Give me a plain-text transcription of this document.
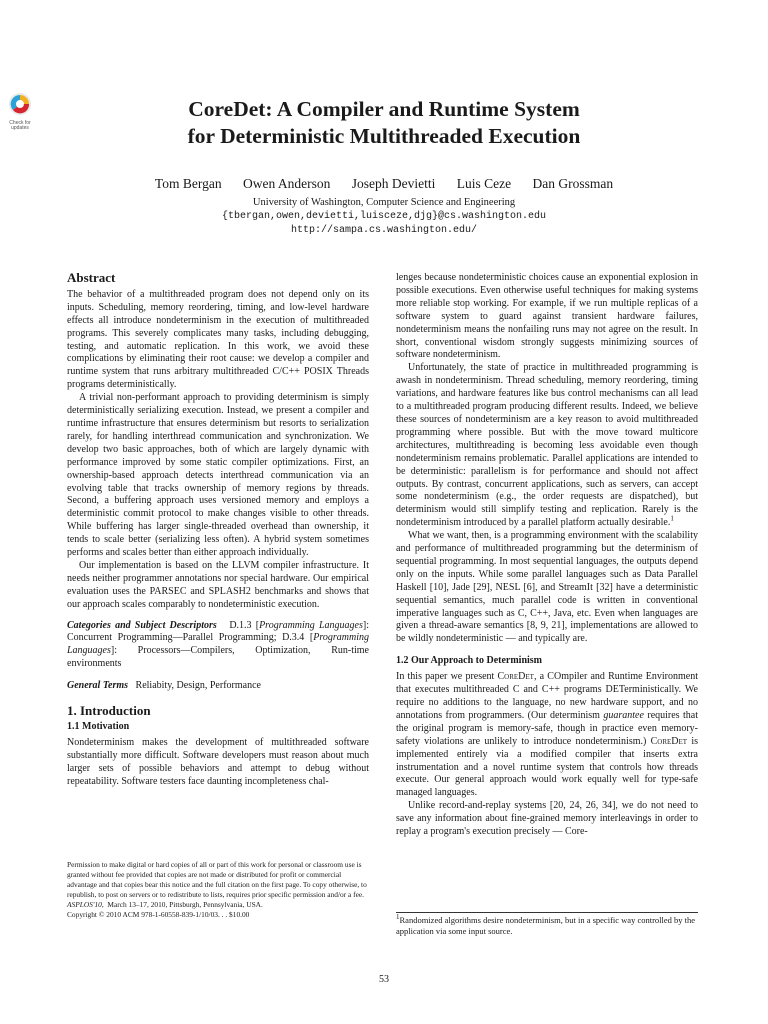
Check for
updates
CoreDet: A Compiler and Runtime System
for Deterministic Multithreaded Execution
Tom Bergan Owen Anderson Joseph Devietti Luis Ceze Dan Grossman
University of Washington, Computer Science and Engineering
{tbergan,owen,devietti,luisceze,djg}@cs.washington.edu
http://sampa.cs.washington.edu/
Abstract

The behavior of a multithreaded program does not depend only on its inputs. Scheduling, memory reordering, timing, and low-level hardware effects all introduce nondeterminism in the execution of multithreaded programs. This severely complicates many tasks, including debugging, testing, and automatic replication. In this work, we avoid these complications by eliminating their root cause: we develop a compiler and runtime system that runs arbitrary multithreaded C/C++ POSIX Threads programs deterministically.

A trivial non-performant approach to providing determinism is simply deterministically serializing execution. Instead, we present a compiler and runtime infrastructure that ensures determinism but resorts to serialization rarely, for handling interthread communication and synchronization. We develop two basic approaches, both of which are largely dynamic with performance improved by some static compiler optimizations. First, an ownership-based approach detects interthread communication via an evolving table that tracks ownership of memory regions by threads. Second, a buffering approach uses versioned memory and employs a deterministic commit protocol to make changes visible to other threads. While buffering has larger single-threaded overhead than ownership, it tends to scale better (serializing less often). A hybrid system sometimes performs and scales better than either approach individually.

Our implementation is based on the LLVM compiler infrastructure. It needs neither programmer annotations nor special hardware. Our empirical evaluation uses the PARSEC and SPLASH2 benchmarks and shows that our approach scales comparably to nondeterministic execution.

Categories and Subject Descriptors D.1.3 [Programming Languages]: Concurrent Programming—Parallel Programming; D.3.4 [Programming Languages]: Processors—Compilers, Optimization, Run-time environments

General Terms Reliabity, Design, Performance

1. Introduction
1.1 Motivation

Nondeterminism makes the development of multithreaded software substantially more difficult. Software developers must reason about much larger sets of possible behaviors and attempt to debug without repeatability. Software testers face daunting incompleteness chal-

Permission to make digital or hard copies of all or part of this work for personal or classroom use is granted without fee provided that copies are not made or distributed for profit or commercial advantage and that copies bear this notice and the full citation on the first page. To copy otherwise, to republish, to post on servers or to redistribute to lists, requires prior specific permission and/or a fee.

ASPLOS'10, March 13–17, 2010, Pittsburgh, Pennsylvania, USA.

Copyright © 2010 ACM 978-1-60558-839-1/10/03. . . $10.00

lenges because nondeterministic choices cause an exponential explosion in possible executions. Even otherwise useful techniques for making systems more reliable stop working. For example, if we run multiple replicas of a software system to guard against transient hardware failures, nondeterminism means the nonfailing runs may not agree on the result. In short, conventional wisdom strongly suggests minimizing sources of software nondeterminism.

Unfortunately, the state of practice in multithreaded programming is awash in nondeterminism. Thread scheduling, memory reordering, timing variations, and hardware features like bus control mechanisms can all lead to a multithreaded program producing different results. Indeed, we believe these sources of nondeterminism are a key reason to avoid multithreaded programming where possible. But with the move toward multicore architectures, multithreading is becoming less avoidable even though nondeterminism remains problematic. Parallel applications are intended to be deterministic: parallelism is for performance and should not affect outputs. By contrast, concurrent applications, such as servers, can accept some nondeterminism (e.g., the order requests are dispatched), but determinism would still simplify testing and replication. Rarely is the nondeterminism introduced by a parallel platform actually desirable.$^1$

What we want, then, is a programming environment with the scalability and performance of multithreaded programming but the determinism of sequential programming. In most sequential languages, the outputs depend only on the inputs. While some parallel languages such as Data Parallel Haskell [10], Jade [29], NESL [6], and StreamIt [32] have a deterministic sequential semantics, much parallel code is written in conventional imperative languages such as C, C++, Java, etc. Even when languages are given a thread-aware semantics [8, 9, 21], implementations are allowed to be wildly nondeterministic — and typically are.

1.2 Our Approach to Determinism

In this paper we present CoreDet, a COmpiler and Runtime Environment that executes multithreaded C and C++ programs DETerministically. We require no additions to the language, no new hardware support, and no annotations from programmers. (Our determinism guarantee requires that the original program is memory-safe, though in practice even memory-safety violations are unlikely to introduce nondeterminism.) CoreDet is implemented entirely via a modified compiler that inserts extra instrumentation and a novel runtime system that controls how threads execute. Our general approach would work equally well for type-safe managed languages.

Unlike record-and-replay systems [20, 24, 26, 34], we do not need to save any information about fine-grained memory interleavings in order to replay a program's execution precisely — Core-

$^1$Randomized algorithms desire nondeterminism, but in a specific way controlled by the application via some input source.

53
